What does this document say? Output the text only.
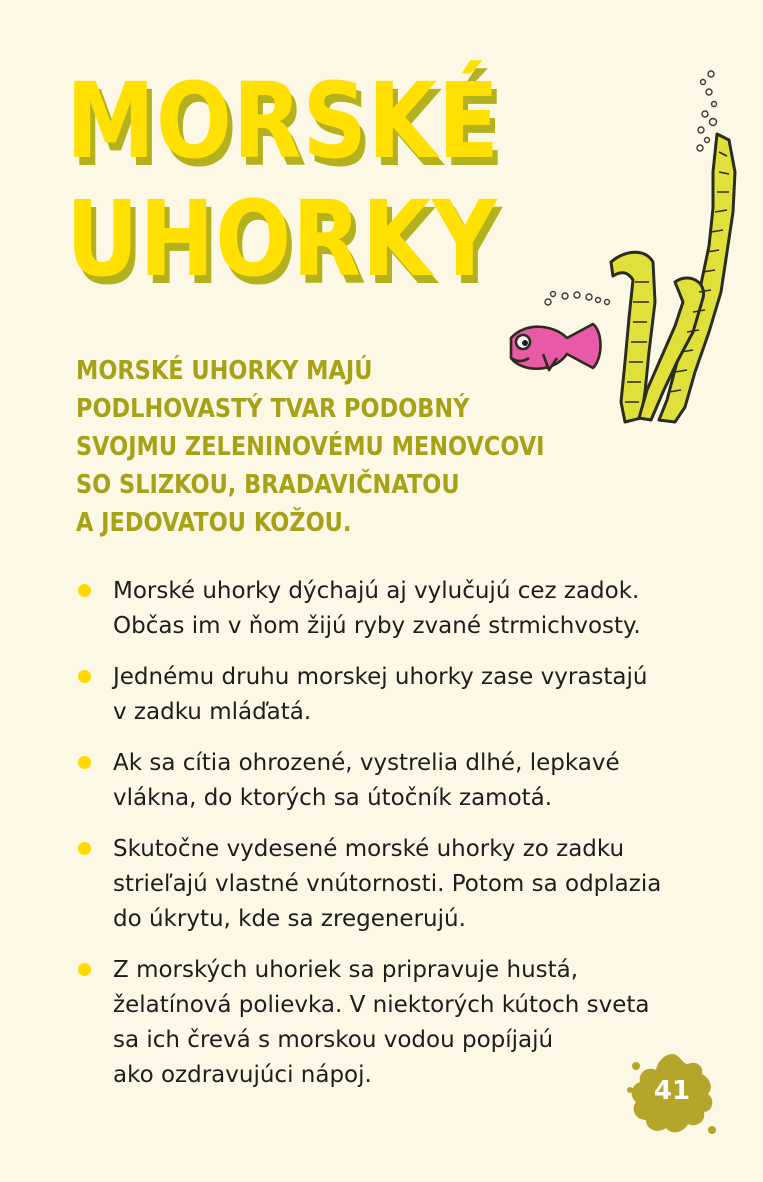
MORSKÉ
UHORKY

MORSKÉ UHORKY MAJÚ
PODLHOVASTÝ TVAR PODOBNÝ
SVOJMU ZELENINOVÉMU MENOVCOVI
SO SLIZKOU, BRADAVIČNATOU
A JEDOVATOU KOŽOU.

Morské uhorky dýchajú aj vylučujú cez zadok.
Občas im v ňom žijú ryby zvané strmichvosty.
Jednému druhu morskej uhorky zase vyrastajú
v zadku mláďatá.
Ak sa cítia ohrozené, vystrelia dlhé, lepkavé
vlákna, do ktorých sa útočník zamotá.
Skutočne vydesené morské uhorky zo zadku
strieľajú vlastné vnútornosti. Potom sa odplazia
do úkrytu, kde sa zregenerujú.
Z morských uhoriek sa pripravuje hustá,
želatínová polievka. V niektorých kútoch sveta
sa ich črevá s morskou vodou popíjajú
ako ozdravujúci nápoj.
41
